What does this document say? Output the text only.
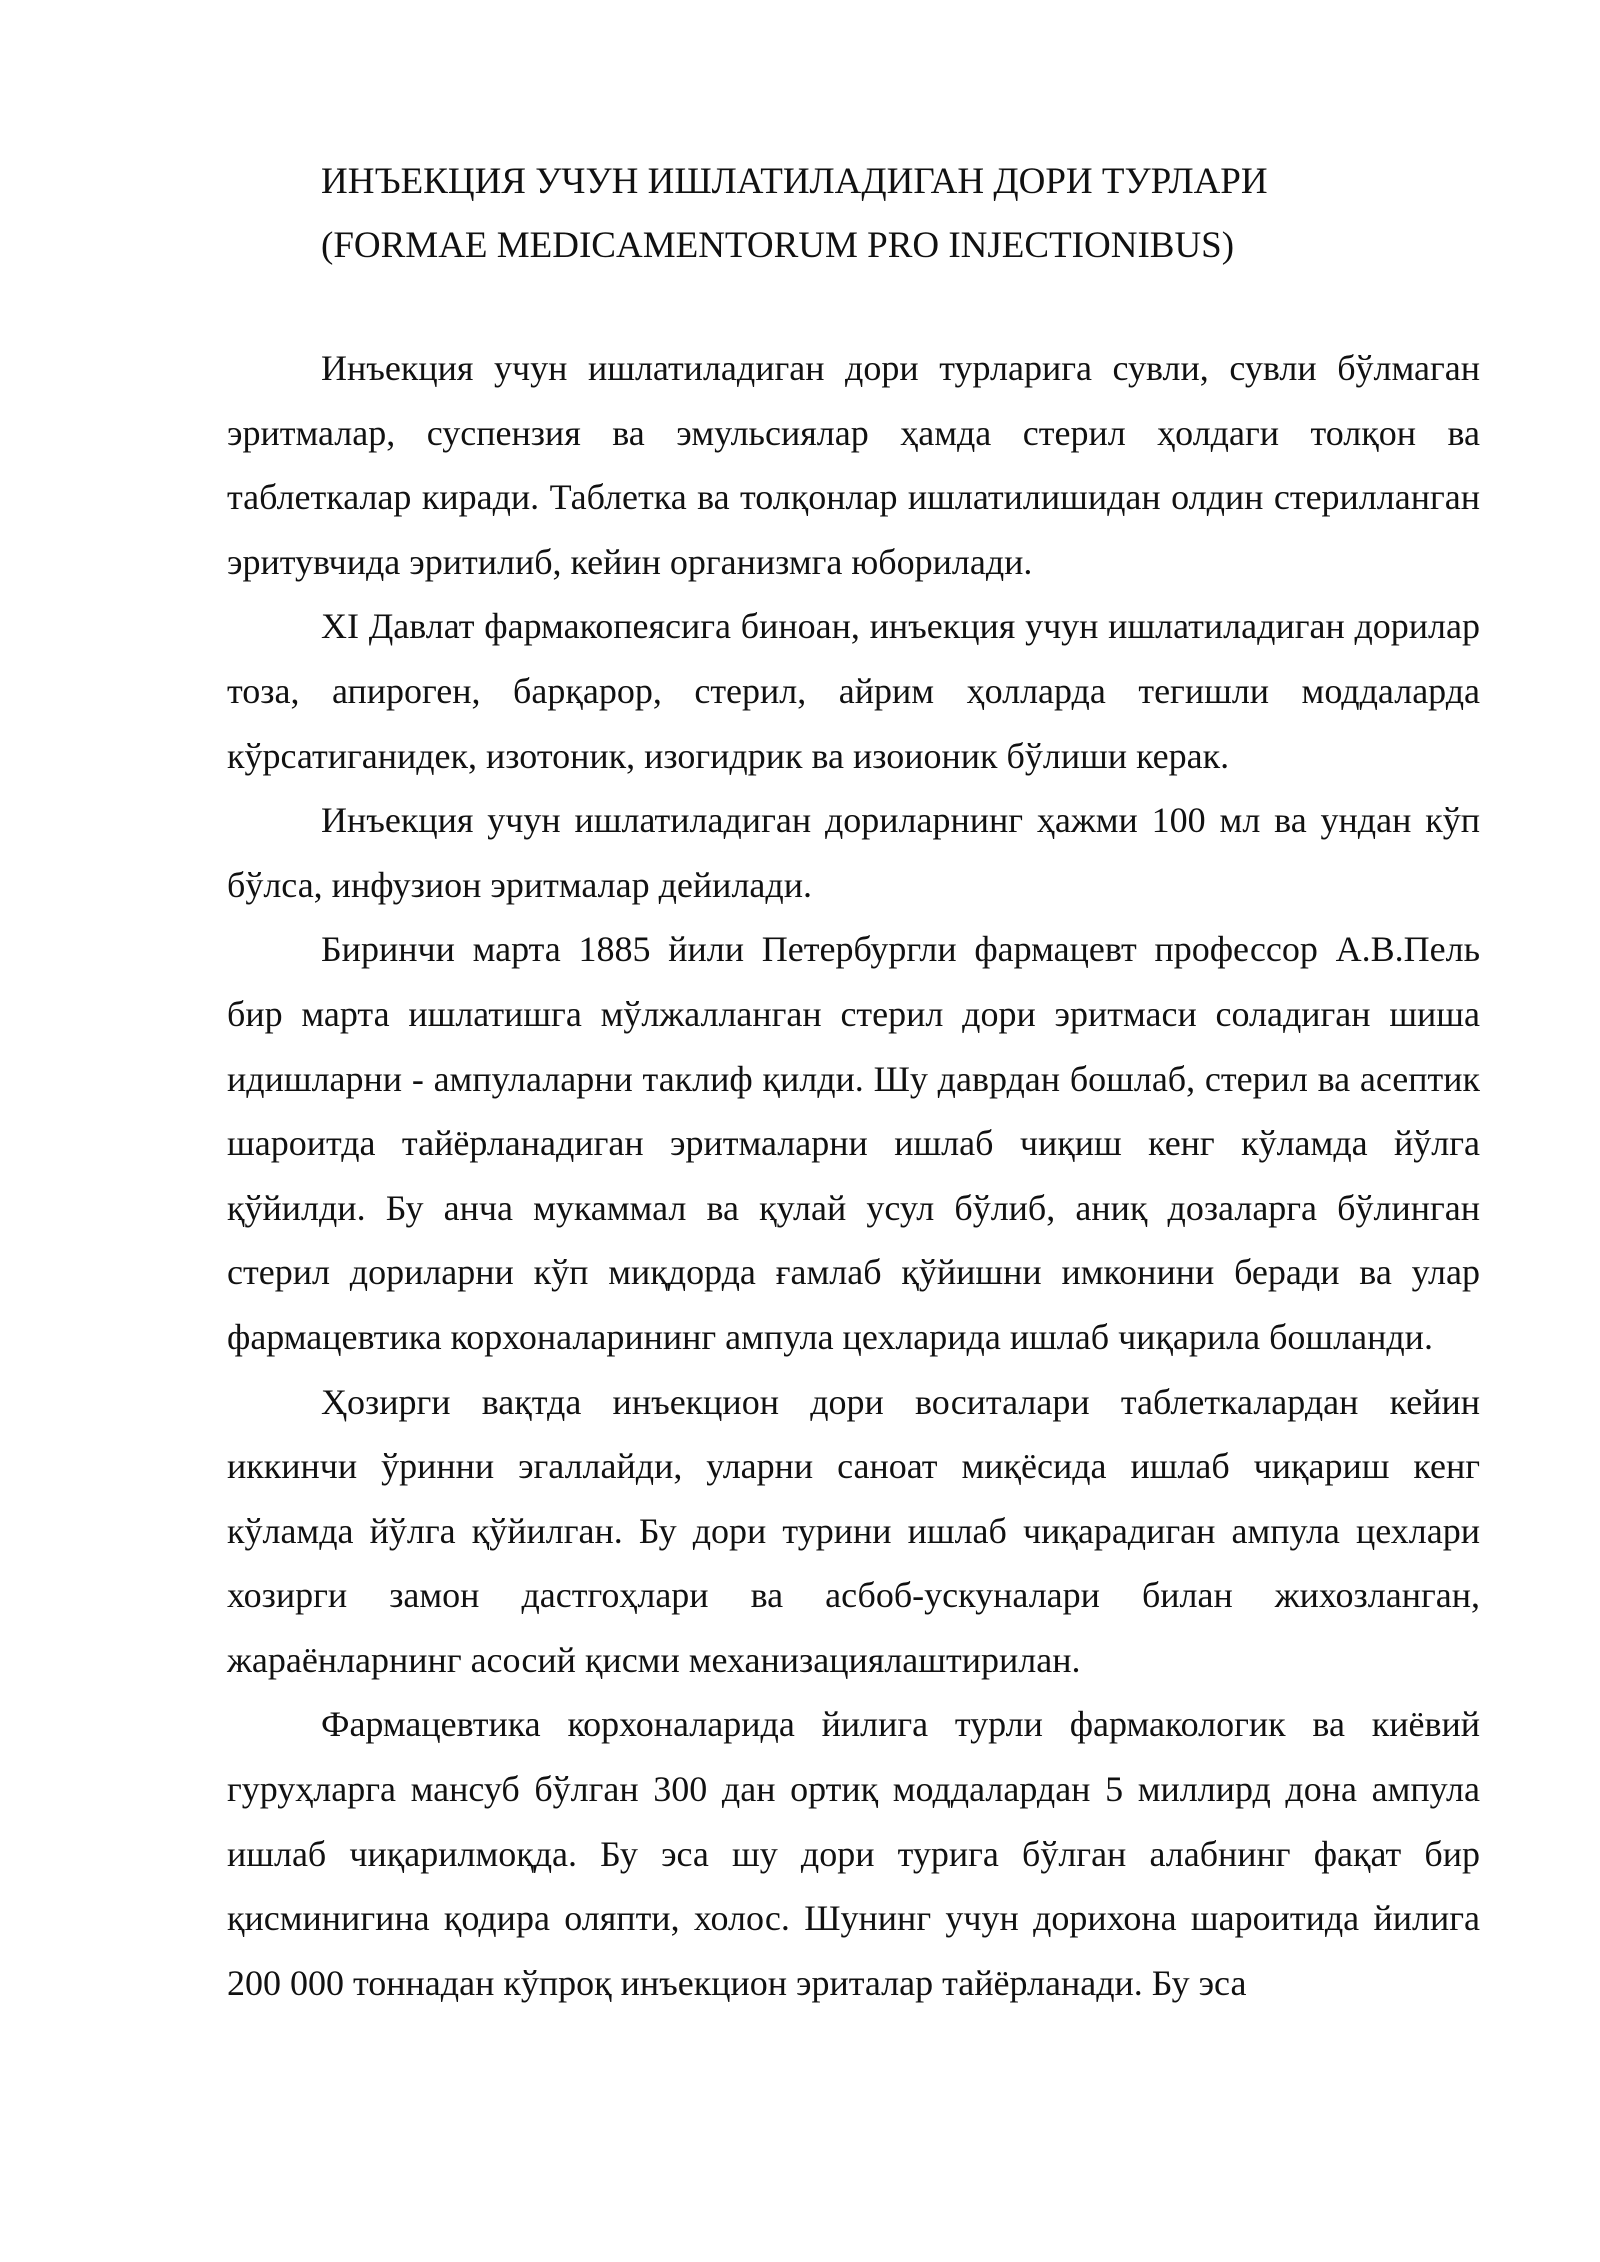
ИНЪЕКЦИЯ УЧУН ИШЛАТИЛАДИГАН ДОРИ ТУРЛАРИ
(FORMAE MEDICAMENTORUM PRO INJECTIONIBUS)

Инъекция учун ишлатиладиган дори турларига сувли, сувли бўлмаган эритмалар, суспензия ва эмульсиялар ҳамда стерил ҳолдаги толқон ва таблеткалар киради. Таблетка ва толқонлар ишлатилишидан олдин стерилланган эритувчида эритилиб, кейин организмга юборилади.

XI Давлат фармакопеясига биноан, инъекция учун ишлатиладиган дорилар тоза, апироген, барқарор, стерил, айрим ҳолларда тегишли моддаларда кўрсатиганидек, изотоник, изогидрик ва изоионик бўлиши керак.

Инъекция учун ишлатиладиган дориларнинг ҳажми 100 мл ва ундан кўп бўлса, инфузион эритмалар дейилади.

Биринчи марта 1885 йили Петербургли фармацевт профессор А.В.Пель бир марта ишлатишга мўлжалланган стерил дори эритмаси соладиган шиша идишларни - ампулаларни таклиф қилди. Шу даврдан бошлаб, стерил ва асептик шароитда тайёрланадиган эритмаларни ишлаб чиқиш кенг кўламда йўлга қўйилди. Бу анча мукаммал ва қулай усул бўлиб, аниқ дозаларга бўлинган стерил дориларни кўп миқдорда ғамлаб қўйишни имконини беради ва улар фармацевтика корхоналарининг ампула цехларида ишлаб чиқарила бошланди.

Ҳозирги вақтда инъекцион дори воситалари таблеткалардан кейин иккинчи ўринни эгаллайди, уларни саноат миқёсида ишлаб чиқариш кенг кўламда йўлга қўйилган. Бу дори турини ишлаб чиқарадиган ампула цехлари хозирги замон дастгоҳлари ва асбоб-ускуналари билан жихозланган, жараёнларнинг асосий қисми механизациялаштирилан.

Фармацевтика корхоналарида йилига турли фармакологик ва киёвий гуруҳларга мансуб бўлган 300 дан ортиқ моддалардан 5 миллирд дона ампула ишлаб чиқарилмоқда. Бу эса шу дори турига бўлган алабнинг фақат бир қисминигина қодира оляпти, холос. Шунинг учун дорихона шароитида йилига 200 000 тоннадан кўпроқ инъекцион эриталар тайёрланади. Бу эса
